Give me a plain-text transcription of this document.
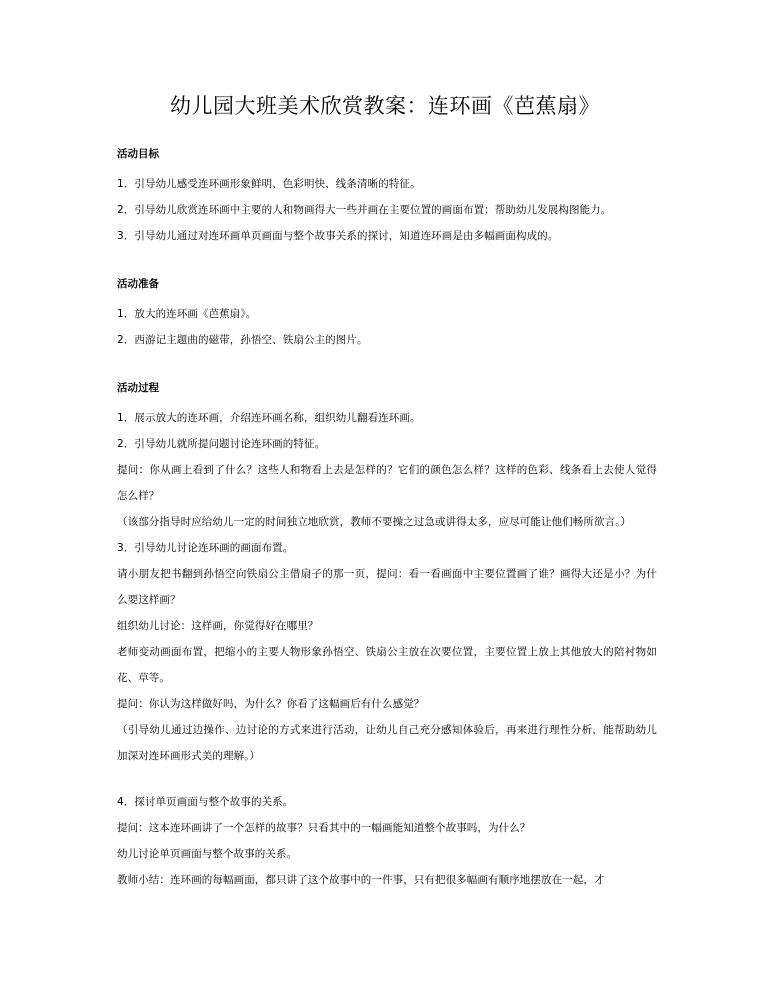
幼儿园大班美术欣赏教案：连环画《芭蕉扇》
活动目标
1．引导幼儿感受连环画形象鲜明、色彩明快、线条清晰的特征。
2．引导幼儿欣赏连环画中主要的人和物画得大一些并画在主要位置的画面布置；帮助幼儿发展构图能力。
3．引导幼儿通过对连环画单页画面与整个故事关系的探讨，知道连环画是由多幅画面构成的。
活动准备
1．放大的连环画《芭蕉扇》。
2．西游记主题曲的磁带，孙悟空、铁扇公主的图片。
活动过程
1．展示放大的连环画，介绍连环画名称，组织幼儿翻看连环画。
2．引导幼儿就所提问题讨论连环画的特征。
提问：你从画上看到了什么？这些人和物看上去是怎样的？它们的颜色怎么样？这样的色彩、线条看上去使人觉得怎么样？
（该部分指导时应给幼儿一定的时间独立地欣赏，教师不要操之过急或讲得太多，应尽可能让他们畅所欲言。）
3．引导幼儿讨论连环画的画面布置。
请小朋友把书翻到孙悟空向铁扇公主借扇子的那一页，提问：看一看画面中主要位置画了谁？画得大还是小？为什么要这样画？
组织幼儿讨论：这样画，你觉得好在哪里？
老师变动画面布置，把缩小的主要人物形象孙悟空、铁扇公主放在次要位置，主要位置上放上其他放大的陪衬物如花、草等。
提问：你认为这样做好吗，为什么？你看了这幅画后有什么感觉？
（引导幼儿通过边操作、边讨论的方式来进行活动，让幼儿自己充分感知体验后，再来进行理性分析，能帮助幼儿加深对连环画形式美的理解。）
4．探讨单页画面与整个故事的关系。
提问：这本连环画讲了一个怎样的故事？只看其中的一幅画能知道整个故事吗，为什么？
幼儿讨论单页画面与整个故事的关系。
教师小结：连环画的每幅画面，都只讲了这个故事中的一件事，只有把很多幅画有顺序地摆放在一起，才
